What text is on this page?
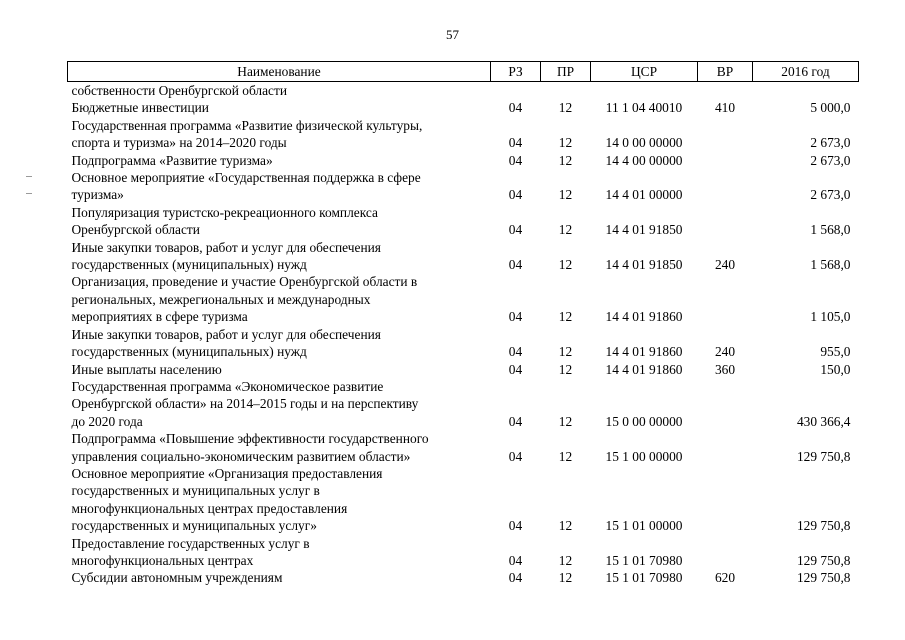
57
Наименование	РЗ	ПР	ЦСР	ВР	2016 год
собственности Оренбургской области					
Бюджетные инвестиции	04	12	11 1 04 40010	410	5 000,0
Государственная программа «Развитие физической культуры,
спорта и туризма» на 2014–2020 годы	04	12	14 0 00 00000		2 673,0
Подпрограмма «Развитие туризма»	04	12	14 4 00 00000		2 673,0
Основное мероприятие «Государственная поддержка в сфере
туризма»	04	12	14 4 01 00000		2 673,0
Популяризация туристско-рекреационного комплекса
Оренбургской области	04	12	14 4 01 91850		1 568,0
Иные закупки товаров, работ и услуг для обеспечения
государственных (муниципальных) нужд	04	12	14 4 01 91850	240	1 568,0
Организация, проведение и участие Оренбургской области в
региональных, межрегиональных и международных
мероприятиях в сфере туризма	04	12	14 4 01 91860		1 105,0
Иные закупки товаров, работ и услуг для обеспечения
государственных (муниципальных) нужд	04	12	14 4 01 91860	240	955,0
Иные выплаты населению	04	12	14 4 01 91860	360	150,0
Государственная программа «Экономическое развитие
Оренбургской области» на 2014–2015 годы и на перспективу
до 2020 года	04	12	15 0 00 00000		430 366,4
Подпрограмма «Повышение эффективности государственного
управления социально-экономическим развитием области»	04	12	15 1 00 00000		129 750,8
Основное мероприятие «Организация предоставления
государственных и муниципальных услуг в
многофункциональных центрах предоставления
государственных и муниципальных услуг»	04	12	15 1 01 00000		129 750,8
Предоставление государственных услуг в
многофункциональных центрах	04	12	15 1 01 70980		129 750,8
Субсидии автономным учреждениям	04	12	15 1 01 70980	620	129 750,8
